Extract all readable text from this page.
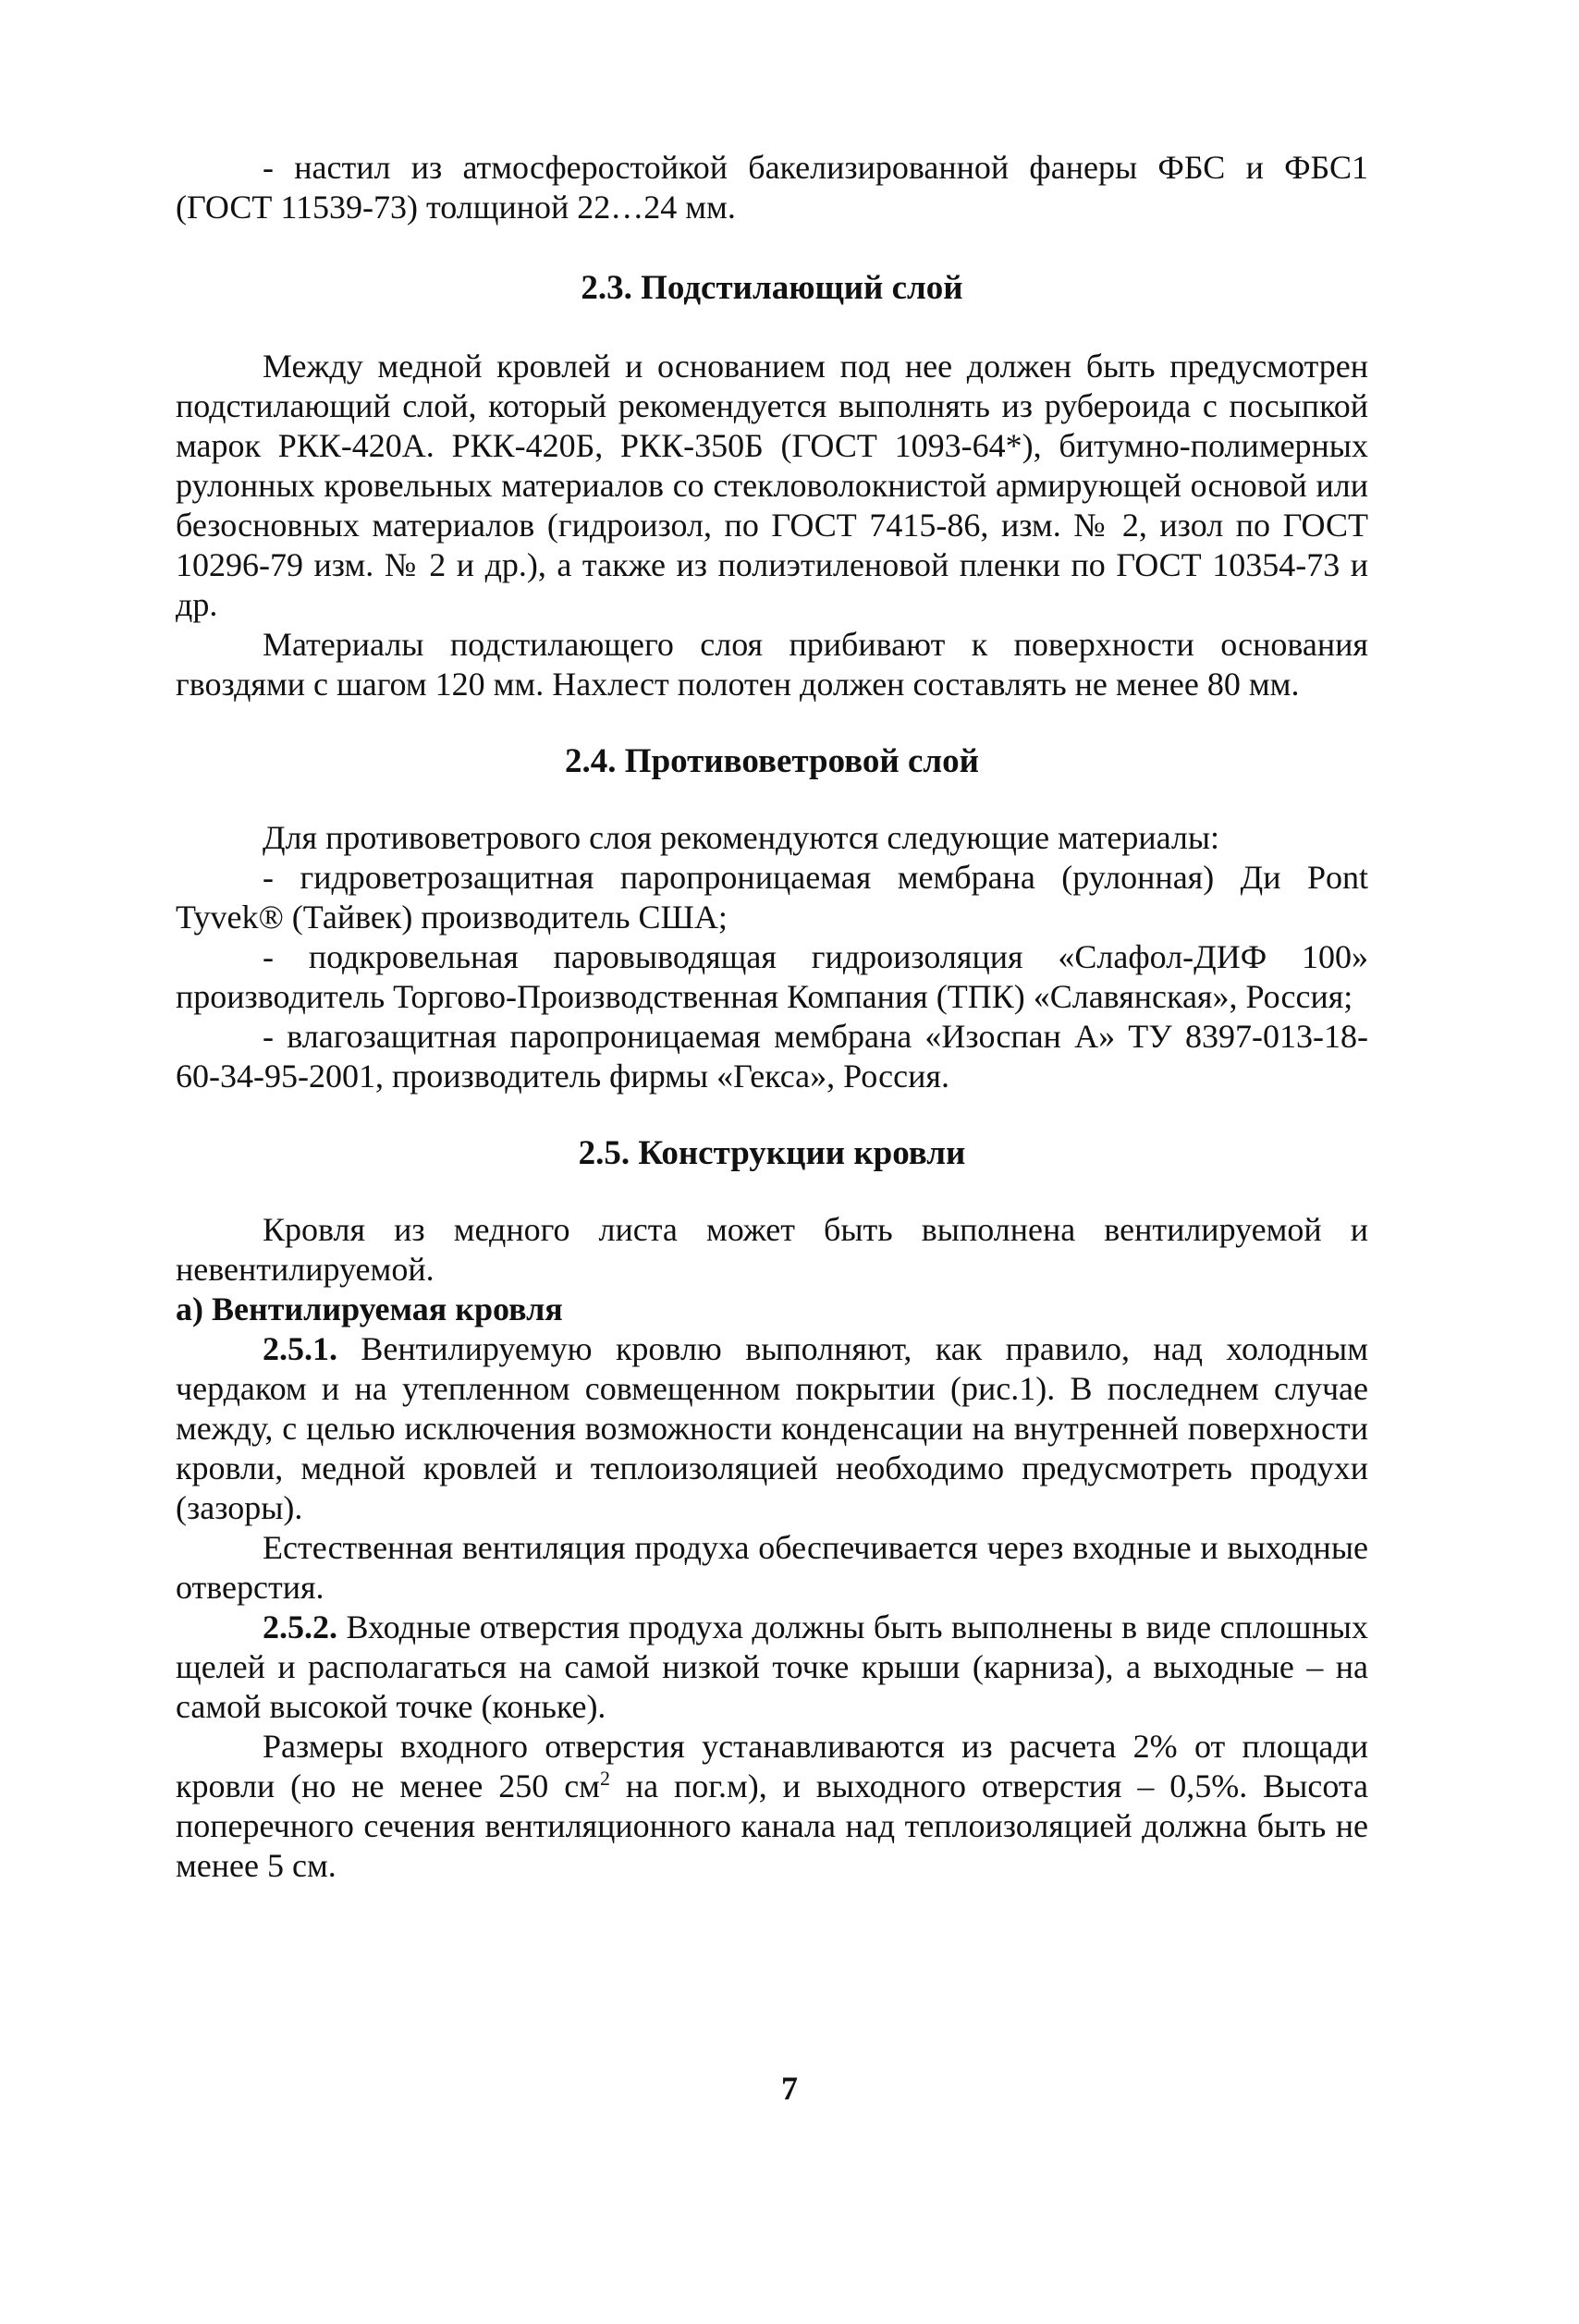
- настил из атмосферостойкой бакелизированной фанеры ФБС и ФБС1 (ГОСТ 11539-73) толщиной 22…24 мм.

2.3. Подстилающий слой

Между медной кровлей и основанием под нее должен быть предусмотрен подстилающий слой, который рекомендуется выполнять из рубероида с посыпкой марок РКК-420А. РКК-420Б, РКК-350Б (ГОСТ 1093-64*), битумно-полимерных рулонных кровельных материалов со стекловолокнистой армирующей основой или безосновных материалов (гидроизол, по ГОСТ 7415-86, изм. № 2, изол по ГОСТ 10296-79 изм. № 2 и др.), а также из полиэтиленовой пленки по ГОСТ 10354-73 и др.

Материалы подстилающего слоя прибивают к поверхности основания гвоздями с шагом 120 мм. Нахлест полотен должен составлять не менее 80 мм.

2.4. Противоветровой слой

Для противоветрового слоя рекомендуются следующие материалы:

- гидроветрозащитная паропроницаемая мембрана (рулонная) Ди Pont Tyvek® (Тайвек) производитель США;

- подкровельная паровыводящая гидроизоляция «Слафол-ДИФ 100» производитель Торгово-Производственная Компания (ТПК) «Славянская», Россия;

- влагозащитная паропроницаемая мембрана «Изоспан А» ТУ 8397-013-18-60-34-95-2001, производитель фирмы «Гекса», Россия.

2.5. Конструкции кровли

Кровля из медного листа может быть выполнена вентилируемой и невентилируемой.

а) Вентилируемая кровля

2.5.1. Вентилируемую кровлю выполняют, как правило, над холодным чердаком и на утепленном совмещенном покрытии (рис.1). В последнем случае между, с целью исключения возможности конденсации на внутренней поверхности кровли, медной кровлей и теплоизоляцией необходимо предусмотреть продухи (зазоры).

Естественная вентиляция продуха обеспечивается через входные и выходные отверстия.

2.5.2. Входные отверстия продуха должны быть выполнены в виде сплошных щелей и располагаться на самой низкой точке крыши (карниза), а выходные – на самой высокой точке (коньке).

Размеры входного отверстия устанавливаются из расчета 2% от площади кровли (но не менее 250 $см^2$ на пог.м), и выходного отверстия – 0,5%. Высота поперечного сечения вентиляционного канала над теплоизоляцией должна быть не менее 5 см.

7
